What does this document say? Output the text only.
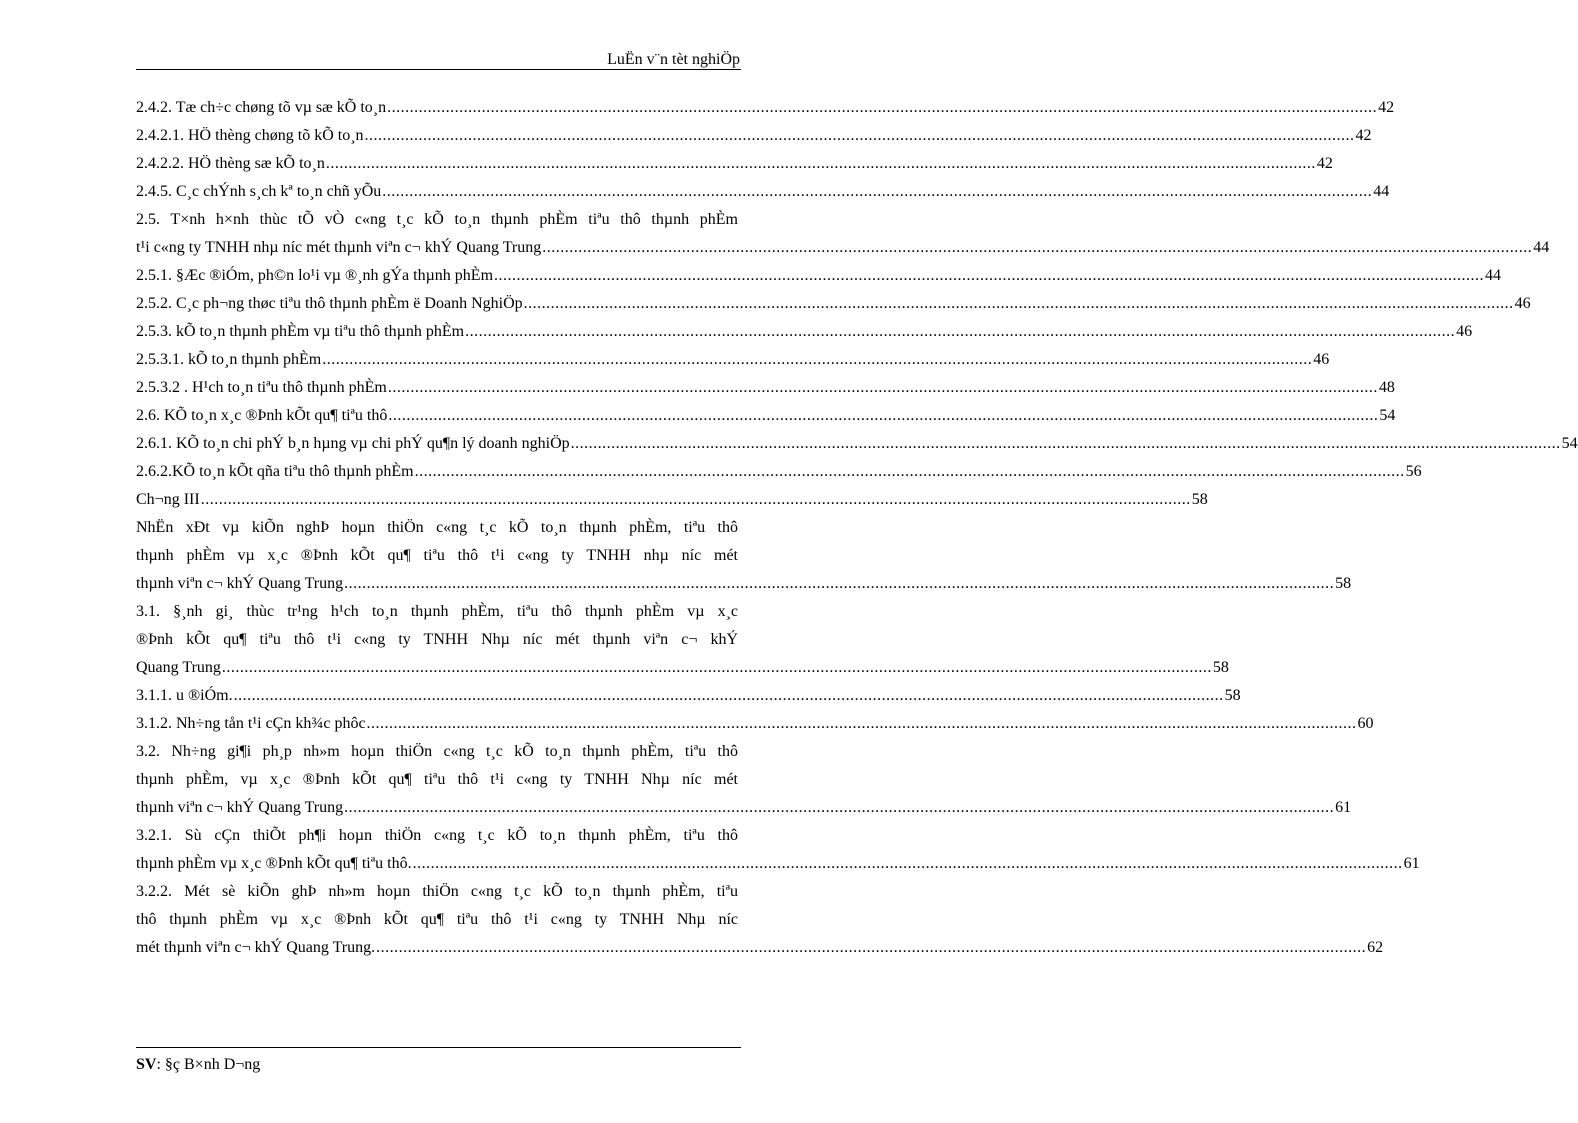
LuËn v¨n tèt nghiÖp
2.4.2. Tæ ch÷c chøng tõ vµ sæ kÕ to¸n ............................................................................................................................................................................................................................ 42
2.4.2.1. HÖ thèng chøng tõ kÕ to¸n ............................................................................................................................................................................................................................ 42
2.4.2.2. HÖ thèng sæ kÕ to¸n ............................................................................................................................................................................................................................ 42
2.4.5. C¸c chÝnh s¸ch kª to¸n chñ yÕu ............................................................................................................................................................................................................................ 44
2.5. T×nh h×nh thùc tÕ vÒ c«ng t¸c kÕ to¸n thµnh phÈm tiªu thô thµnh phÈm
t¹i c«ng ty TNHH nhµ níc mét thµnh viªn c¬ khÝ Quang Trung ............................................................................................................................................................................................................................ 44
2.5.1. §Æc ®iÓm, ph©n lo¹i vµ ®¸nh gÝa thµnh phÈm ............................................................................................................................................................................................................................ 44
2.5.2. C¸c ph¬ng thøc tiªu thô thµnh phÈm ë Doanh NghiÖp ............................................................................................................................................................................................................................ 46
2.5.3. kÕ to¸n thµnh phÈm vµ tiªu thô thµnh phÈm ............................................................................................................................................................................................................................ 46
2.5.3.1. kÕ to¸n thµnh phÈm ............................................................................................................................................................................................................................ 46
2.5.3.2 . H¹ch to¸n tiªu thô thµnh phÈm ............................................................................................................................................................................................................................ 48
2.6. KÕ to¸n x¸c ®Þnh kÕt qu¶ tiªu thô ............................................................................................................................................................................................................................ 54
2.6.1. KÕ to¸n chi phÝ b¸n hµng vµ chi phÝ qu¶n lý doanh nghiÖp ............................................................................................................................................................................................................................ 54
2.6.2.KÕ to¸n kÕt qña tiªu thô thµnh phÈm ............................................................................................................................................................................................................................ 56
Ch¬ng III ............................................................................................................................................................................................................................ 58
NhËn xÐt vµ kiÕn nghÞ hoµn thiÖn c«ng t¸c kÕ to¸n thµnh phÈm, tiªu thô
thµnh phÈm vµ x¸c ®Þnh kÕt qu¶ tiªu thô t¹i c«ng ty TNHH nhµ níc mét
thµnh viªn c¬ khÝ Quang Trung ............................................................................................................................................................................................................................ 58
3.1. §¸nh gi¸ thùc tr¹ng h¹ch to¸n thµnh phÈm, tiªu thô thµnh phÈm vµ x¸c
®Þnh kÕt qu¶ tiªu thô t¹i c«ng ty TNHH Nhµ níc mét thµnh viªn c¬ khÝ
Quang Trung ............................................................................................................................................................................................................................ 58
3.1.1. u ®iÓm. ............................................................................................................................................................................................................................ 58
3.1.2. Nh÷ng tån t¹i cÇn kh¾c phôc ............................................................................................................................................................................................................................ 60
3.2. Nh÷ng gi¶i ph¸p nh»m hoµn thiÖn c«ng t¸c kÕ to¸n thµnh phÈm, tiªu thô
thµnh phÈm, vµ x¸c ®Þnh kÕt qu¶ tiªu thô t¹i c«ng ty TNHH Nhµ níc mét
thµnh viªn c¬ khÝ Quang Trung ............................................................................................................................................................................................................................ 61
3.2.1. Sù cÇn thiÕt ph¶i hoµn thiÖn c«ng t¸c kÕ to¸n thµnh phÈm, tiªu thô
thµnh phÈm vµ x¸c ®Þnh kÕt qu¶ tiªu thô. ............................................................................................................................................................................................................................ 61
3.2.2. Mét sè kiÕn ghÞ nh»m hoµn thiÖn c«ng t¸c kÕ to¸n thµnh phÈm, tiªu
thô thµnh phÈm vµ x¸c ®Þnh kÕt qu¶ tiªu thô t¹i c«ng ty TNHH Nhµ níc
mét thµnh viªn c¬ khÝ Quang Trung. ............................................................................................................................................................................................................................ 62
SV: §ç B×nh D¬ng
